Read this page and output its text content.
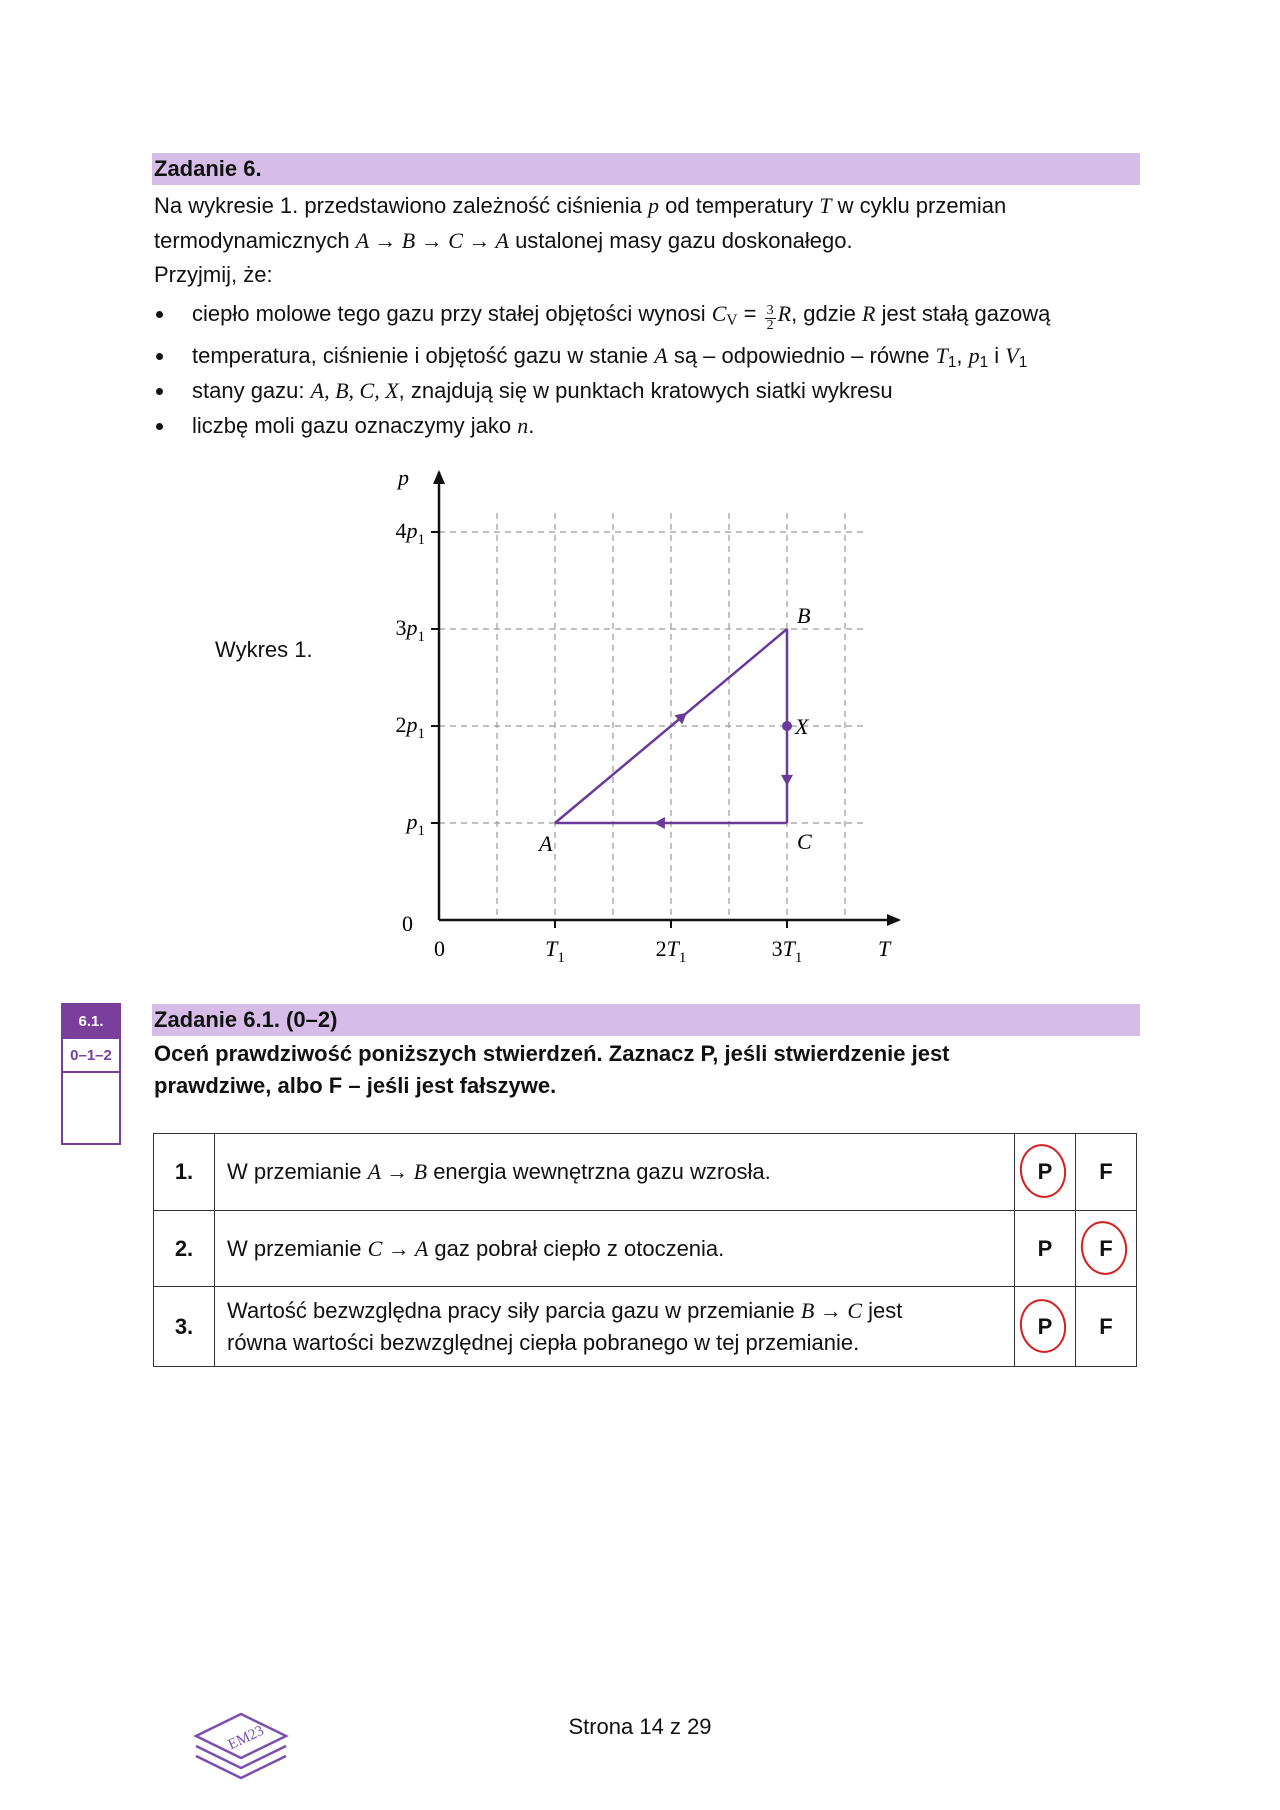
Zadanie 6.
Na wykresie 1. przedstawiono zależność ciśnienia p od temperatury T w cyklu przemian
termodynamicznych A → B → C → A ustalonej masy gazu doskonałego.
Przyjmij, że:
ciepło molowe tego gazu przy stałej objętości wynosi $C_V = \frac{3}{2} R$, gdzie R jest stałą gazową
temperatura, ciśnienie i objętość gazu w stanie A są – odpowiednio – równe $T_1$, $p_1$ i $V_1$
stany gazu: A, B, C, X, znajdują się w punktach kratowych siatki wykresu
liczbę moli gazu oznaczymy jako n.
Wykres 1.
p
T
0
0
$p_1$
$2p_1$
$3p_1$
$4p_1$
$T_1$	$2T_1$	$3T_1$
A
B
C
X
6.1.
0–1–2
Zadanie 6.1. (0–2)
Oceń prawdziwość poniższych stwierdzeń. Zaznacz P, jeśli stwierdzenie jest
prawdziwe, albo F – jeśli jest fałszywe.
1.	W przemianie A → B energia wewnętrzna gazu wzrosła.	P	F
2.	W przemianie C → A gaz pobrał ciepło z otoczenia.	P	F

3.	Wartość bezwzględna pracy siły parcia gazu w przemianie B → C jest
równa wartości bezwzględnej ciepła pobranego w tej przemianie.	P	F
EM23	Strona 14 z 29
